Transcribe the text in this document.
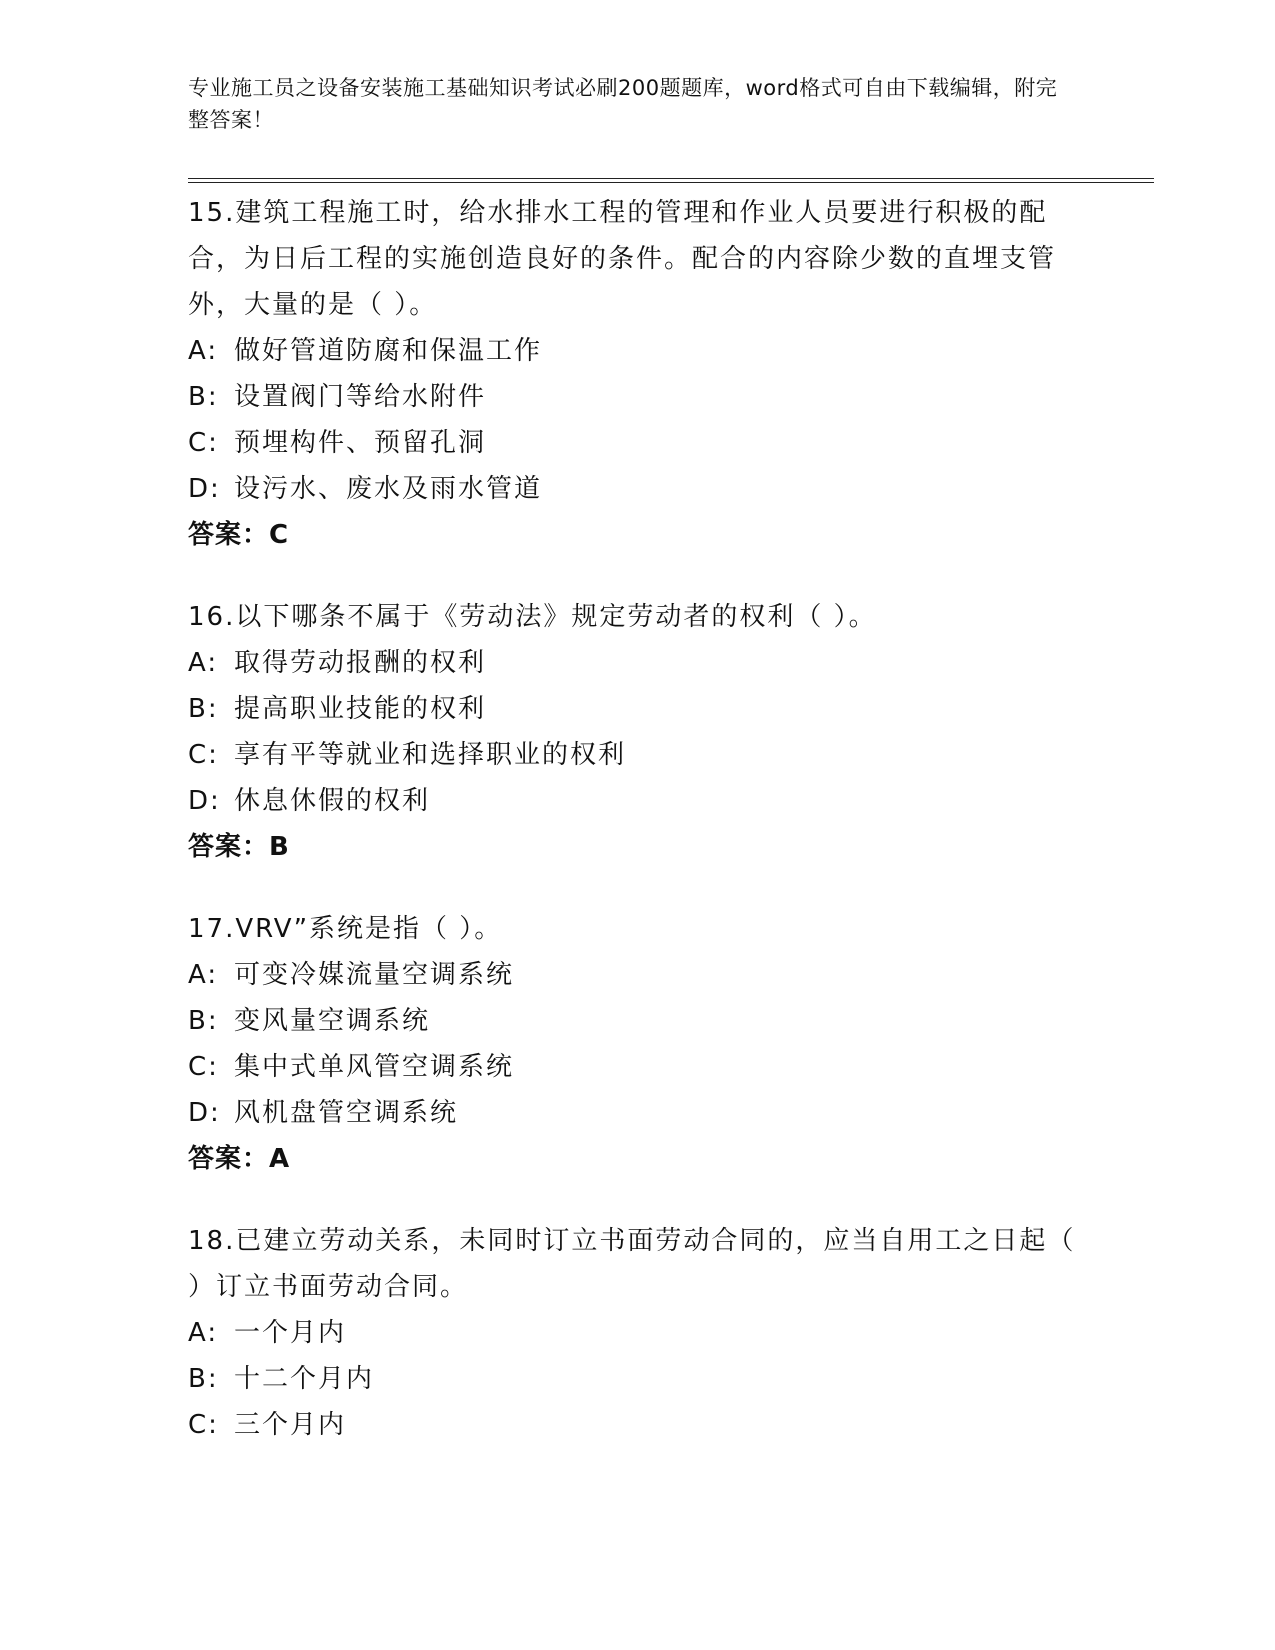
专业施工员之设备安装施工基础知识考试必刷200题题库，word格式可自由下载编辑，附完整答案！
15.建筑工程施工时，给水排水工程的管理和作业人员要进行积极的配合，为日后工程的实施创造良好的条件。配合的内容除少数的直埋支管外，大量的是（ ）。
A: 做好管道防腐和保温工作
B: 设置阀门等给水附件
C: 预埋构件、预留孔洞
D: 设污水、废水及雨水管道
答案：C
16.以下哪条不属于《劳动法》规定劳动者的权利（ ）。
A: 取得劳动报酬的权利
B: 提高职业技能的权利
C: 享有平等就业和选择职业的权利
D: 休息休假的权利
答案：B
17.VRV”系统是指（ ）。
A: 可变冷媒流量空调系统
B: 变风量空调系统
C: 集中式单风管空调系统
D: 风机盘管空调系统
答案：A
18.已建立劳动关系，未同时订立书面劳动合同的，应当自用工之日起（ ）订立书面劳动合同。
A: 一个月内
B: 十二个月内
C: 三个月内
